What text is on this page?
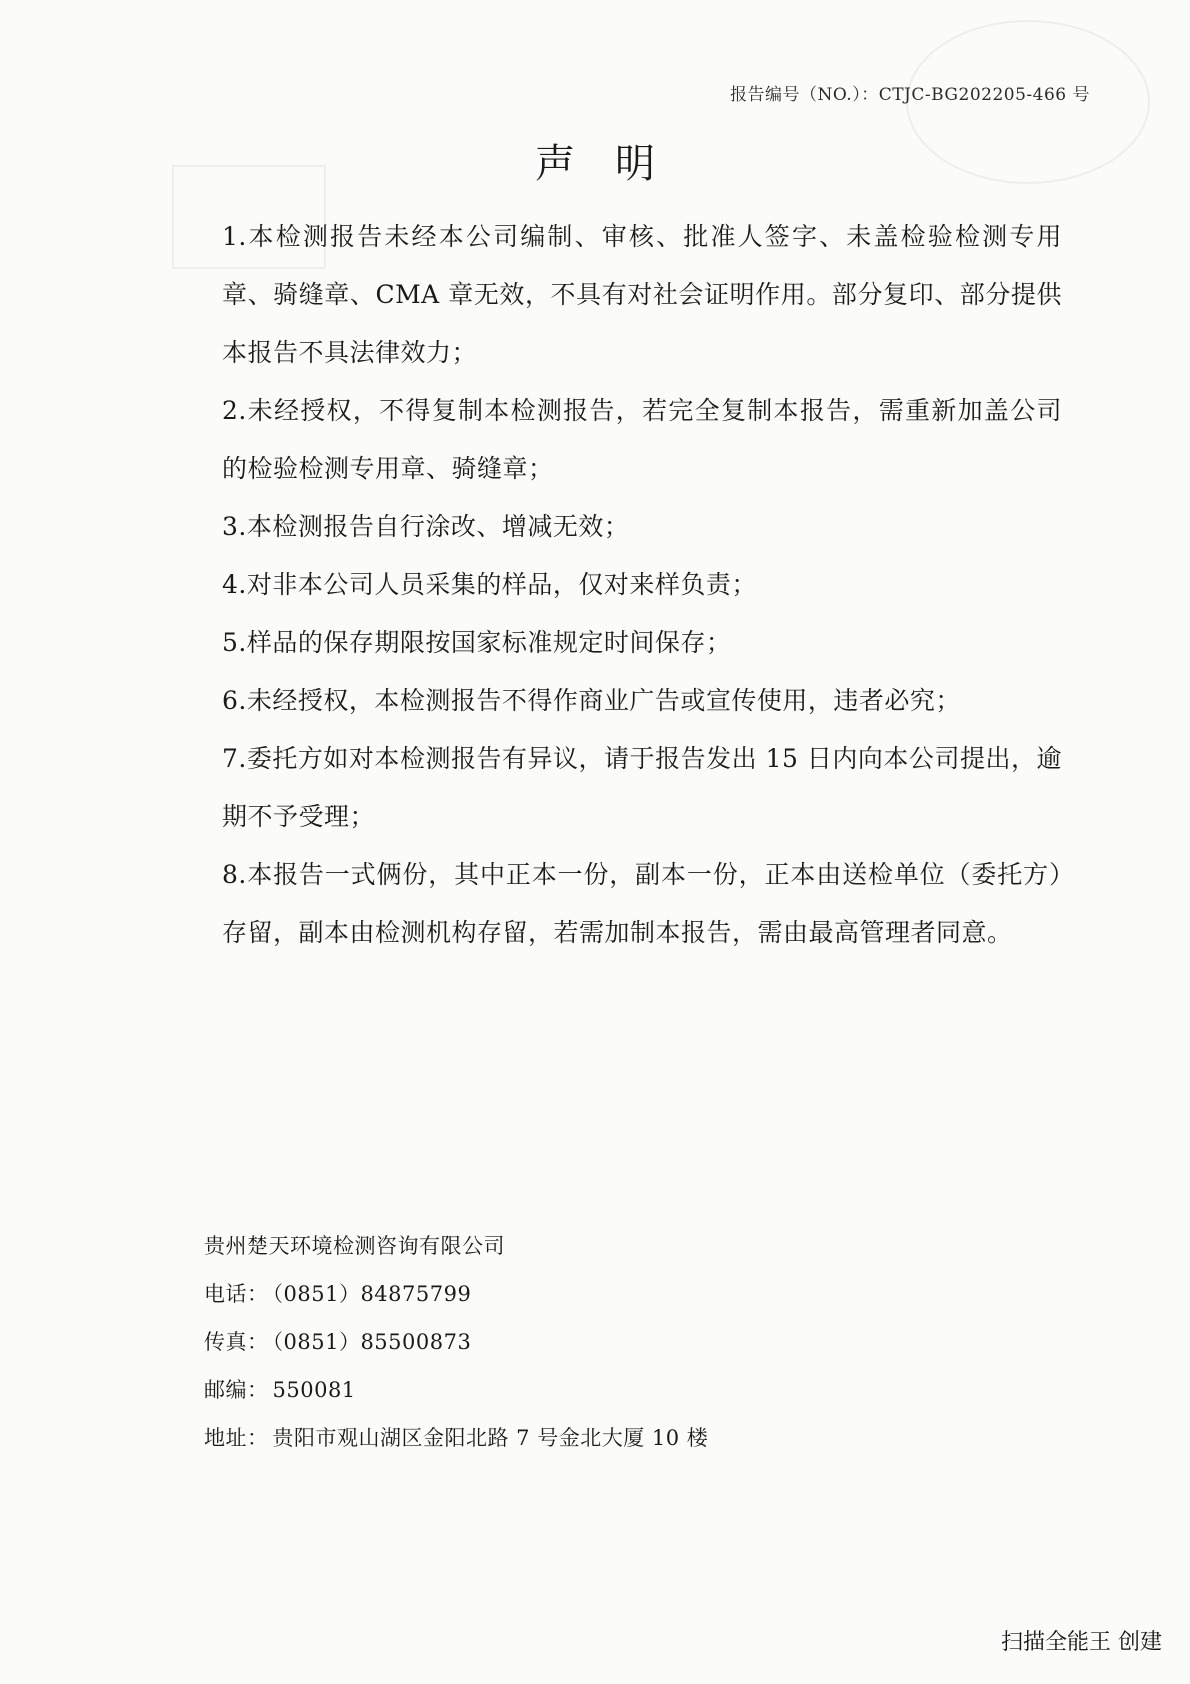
报告编号（NO.）：CTJC-BG202205-466 号
声明
1.本检测报告未经本公司编制、审核、批准人签字、未盖检验检测专用章、骑缝章、CMA 章无效，不具有对社会证明作用。部分复印、部分提供本报告不具法律效力；
2.未经授权，不得复制本检测报告，若完全复制本报告，需重新加盖公司的检验检测专用章、骑缝章；
3.本检测报告自行涂改、增减无效；
4.对非本公司人员采集的样品，仅对来样负责；
5.样品的保存期限按国家标准规定时间保存；
6.未经授权，本检测报告不得作商业广告或宣传使用，违者必究；
7.委托方如对本检测报告有异议，请于报告发出 15 日内向本公司提出，逾期不予受理；
8.本报告一式俩份，其中正本一份，副本一份，正本由送检单位（委托方）存留，副本由检测机构存留，若需加制本报告，需由最高管理者同意。
贵州楚天环境检测咨询有限公司
电话： （0851）84875799
传真： （0851）85500873
邮编： 550081
地址： 贵阳市观山湖区金阳北路 7 号金北大厦 10 楼
扫描全能王 创建
